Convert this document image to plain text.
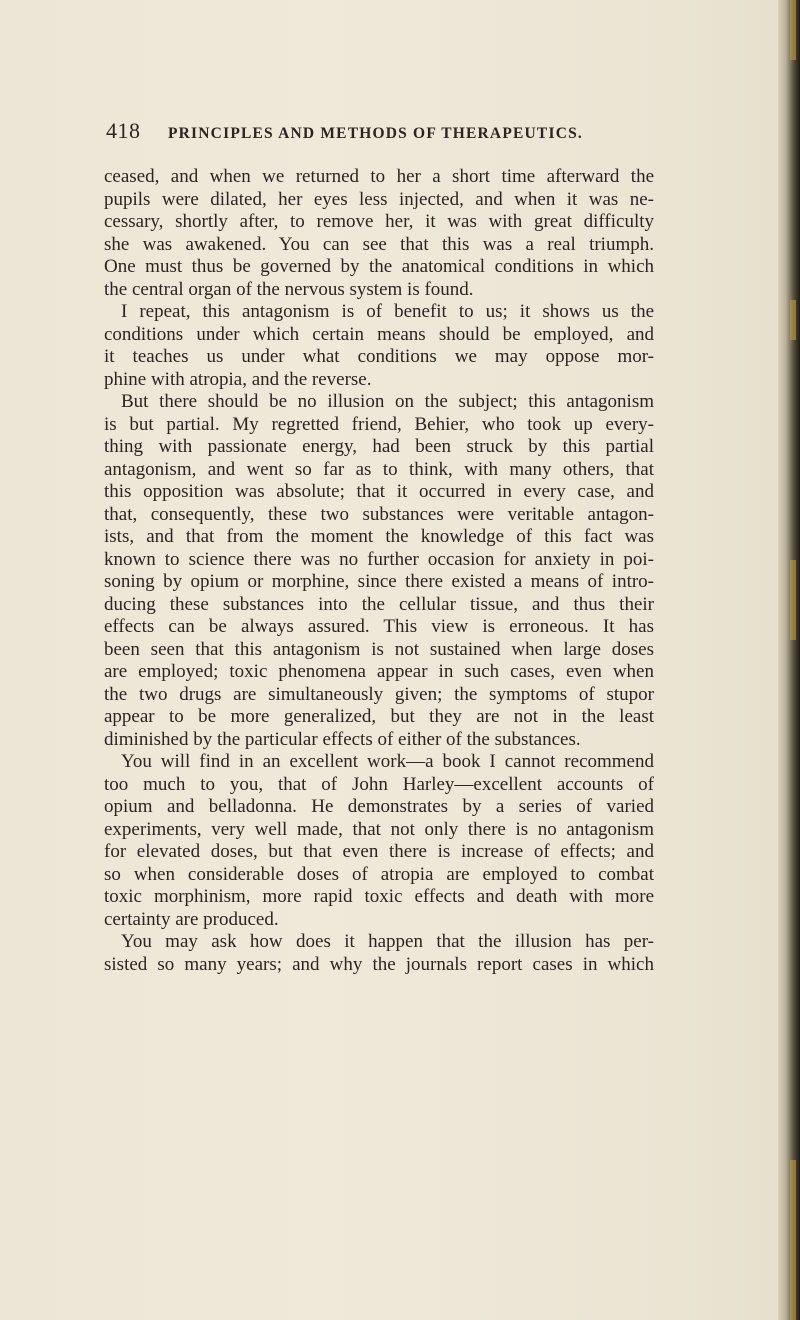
418	PRINCIPLES AND METHODS OF THERAPEUTICS.
ceased, and when we returned to her a short time afterward the
pupils were dilated, her eyes less injected, and when it was ne-
cessary, shortly after, to remove her, it was with great difficulty
she was awakened. You can see that this was a real triumph.
One must thus be governed by the anatomical conditions in which
the central organ of the nervous system is found.
I repeat, this antagonism is of benefit to us; it shows us the
conditions under which certain means should be employed, and
it teaches us under what conditions we may oppose mor-
phine with atropia, and the reverse.
But there should be no illusion on the subject; this antagonism
is but partial. My regretted friend, Behier, who took up every-
thing with passionate energy, had been struck by this partial
antagonism, and went so far as to think, with many others, that
this opposition was absolute; that it occurred in every case, and
that, consequently, these two substances were veritable antagon-
ists, and that from the moment the knowledge of this fact was
known to science there was no further occasion for anxiety in poi-
soning by opium or morphine, since there existed a means of intro-
ducing these substances into the cellular tissue, and thus their
effects can be always assured. This view is erroneous. It has
been seen that this antagonism is not sustained when large doses
are employed; toxic phenomena appear in such cases, even when
the two drugs are simultaneously given; the symptoms of stupor
appear to be more generalized, but they are not in the least
diminished by the particular effects of either of the substances.
You will find in an excellent work—a book I cannot recommend
too much to you, that of John Harley—excellent accounts of
opium and belladonna. He demonstrates by a series of varied
experiments, very well made, that not only there is no antagonism
for elevated doses, but that even there is increase of effects; and
so when considerable doses of atropia are employed to combat
toxic morphinism, more rapid toxic effects and death with more
certainty are produced.
You may ask how does it happen that the illusion has per-
sisted so many years; and why the journals report cases in which
